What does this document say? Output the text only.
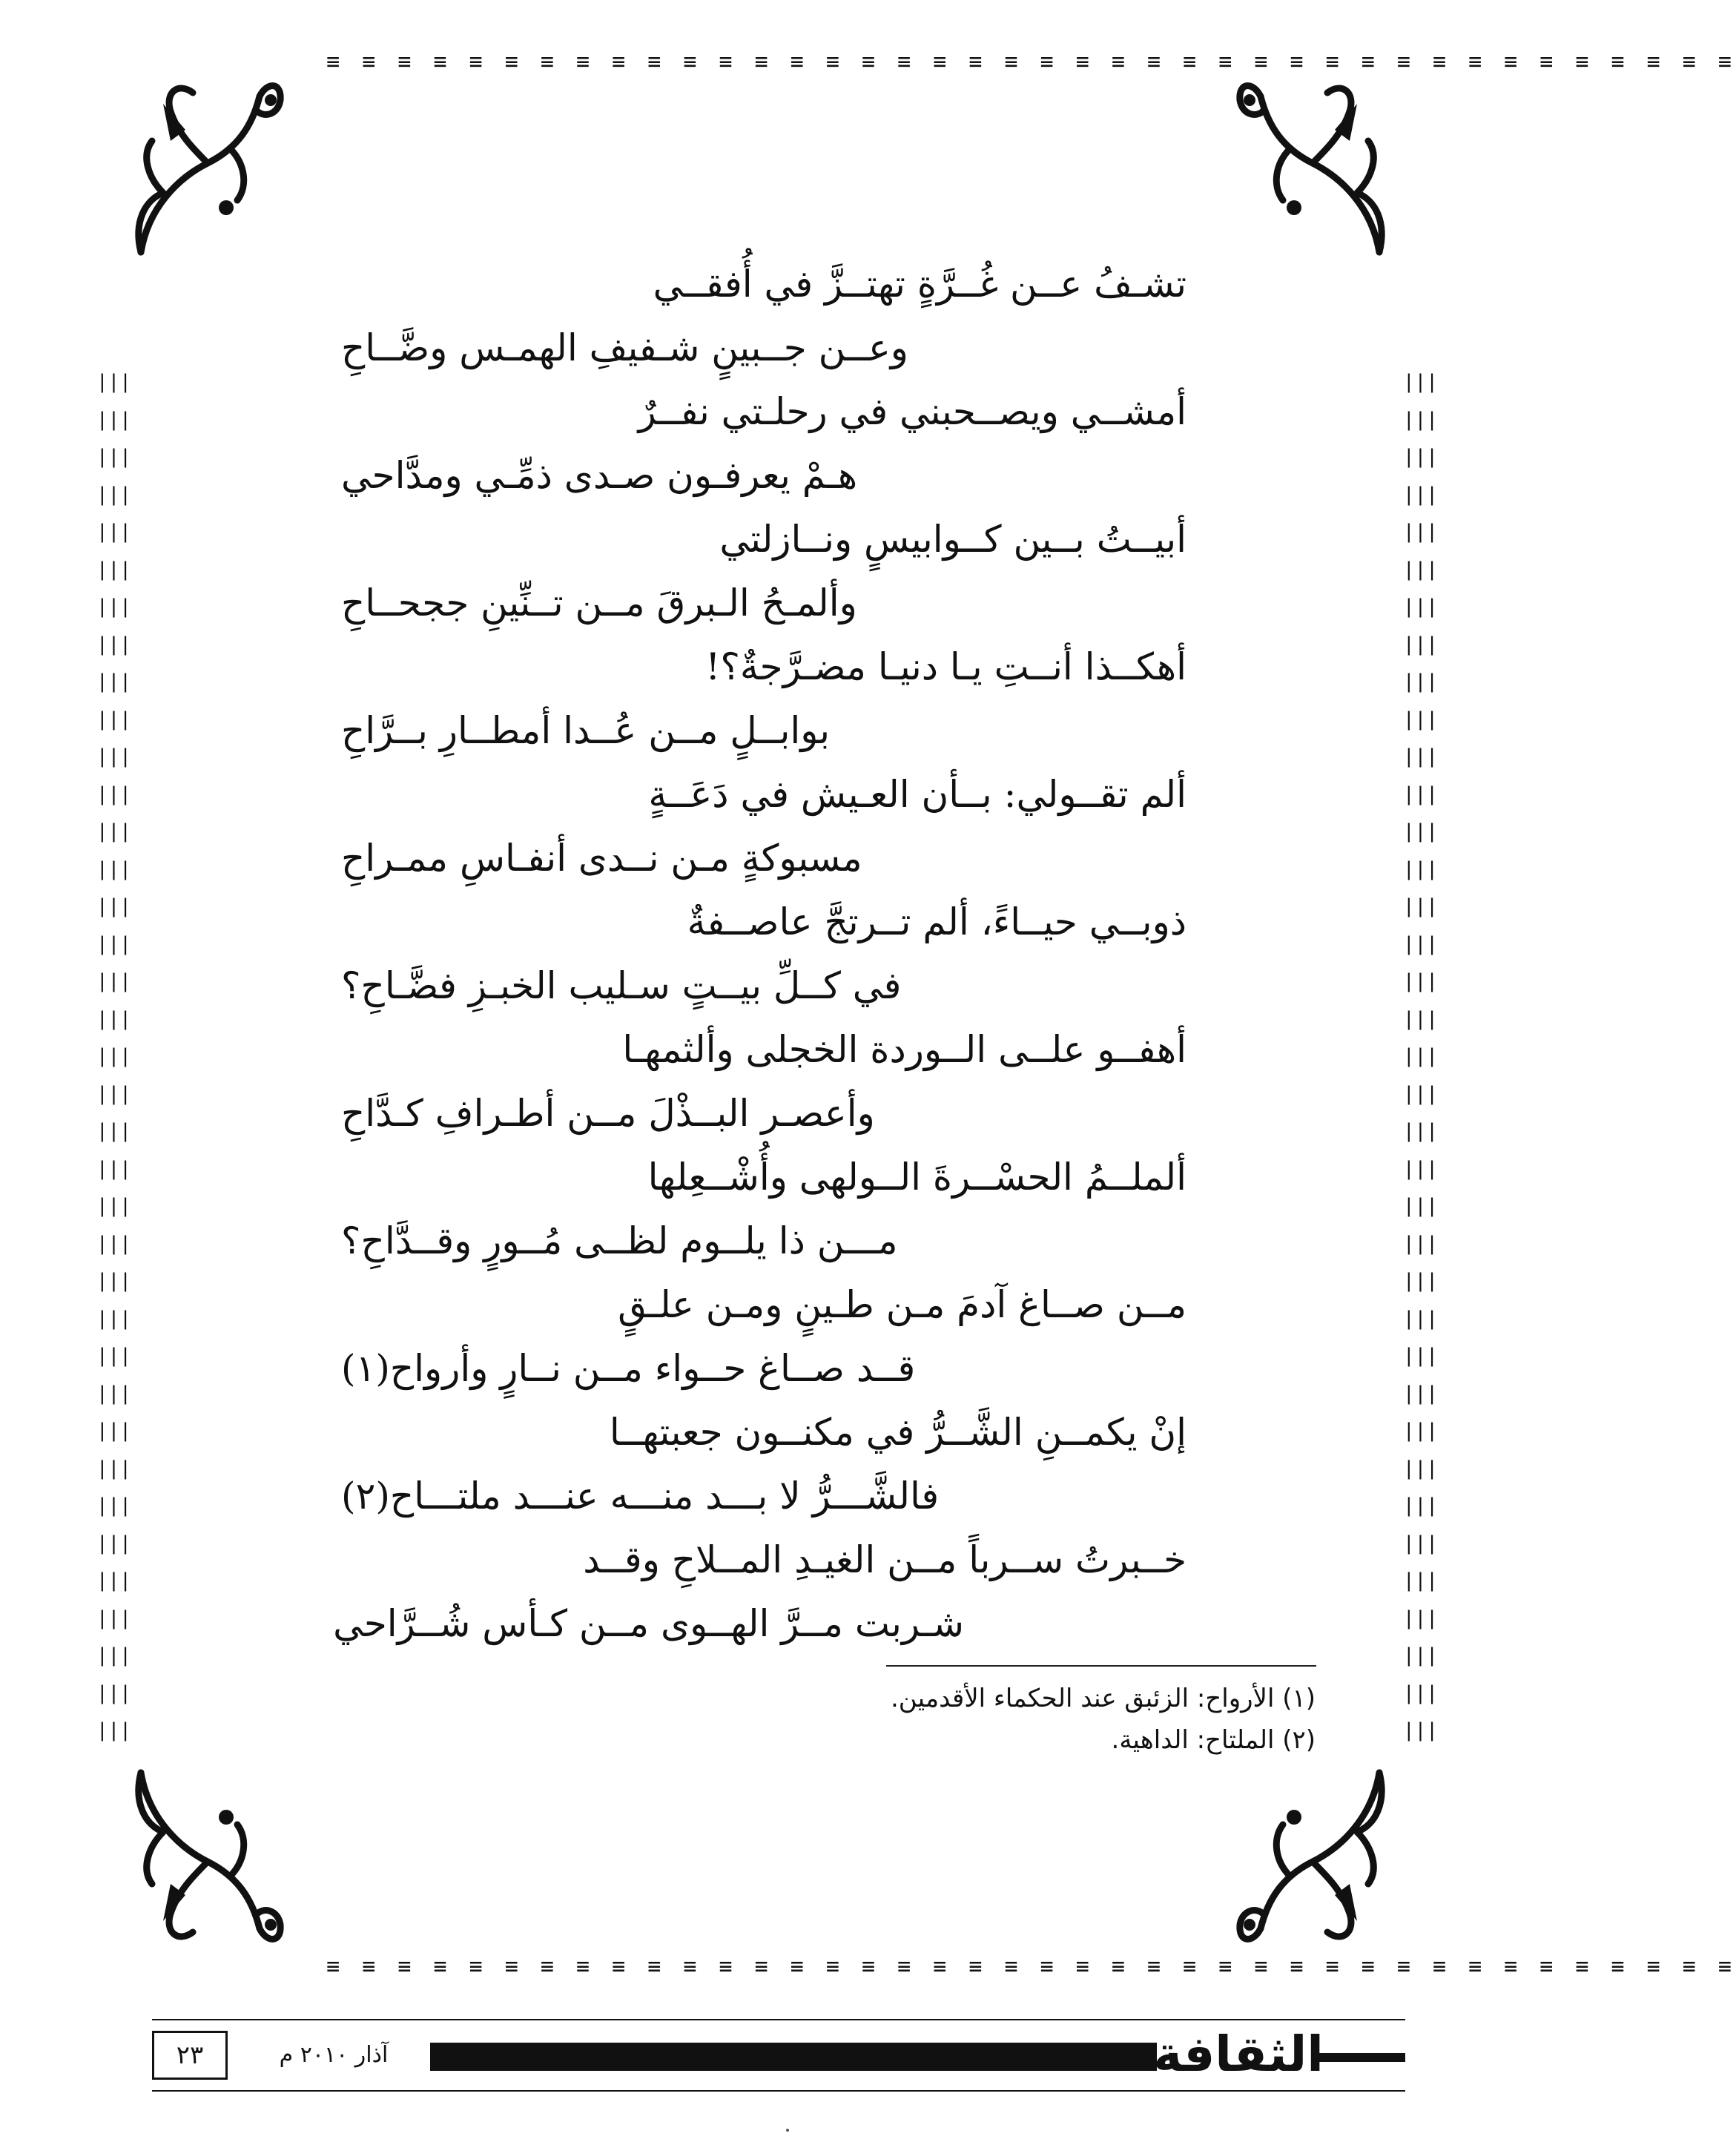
≡ ≡ ≡ ≡ ≡ ≡ ≡ ≡ ≡ ≡ ≡ ≡ ≡ ≡ ≡ ≡ ≡ ≡ ≡ ≡ ≡ ≡ ≡ ≡ ≡ ≡ ≡ ≡ ≡ ≡ ≡ ≡ ≡ ≡ ≡ ≡ ≡ ≡ ≡ ≡
≡ ≡ ≡ ≡ ≡ ≡ ≡ ≡ ≡ ≡ ≡ ≡ ≡ ≡ ≡ ≡ ≡ ≡ ≡ ≡ ≡ ≡ ≡ ≡ ≡ ≡ ≡ ≡ ≡ ≡ ≡ ≡ ≡ ≡ ≡ ≡ ≡ ≡ ≡ ≡
|||
|||
|||
|||
|||
|||
|||
|||
|||
|||
|||
|||
|||
|||
|||
|||
|||
|||
|||
|||
|||
|||
|||
|||
|||
|||
|||
|||
|||
|||
|||
|||
|||
|||
|||
|||
|||
|||
|||
|||
|||
|||
|||
|||
|||
|||
|||
|||
|||
|||
|||
|||
|||
|||
|||
|||
|||
|||
|||
|||
|||
|||
|||
|||
|||
|||
|||
|||
|||
|||
|||
|||
|||
|||
تشـفُ عــن غُــرَّةٍ تهتــزَّ في أُفقــي
وعــن جــبينٍ شـفيفِ الهمـس وضَّــاحِ
أمشــي ويصــحبني في رحلـتي نفــرٌ
هـمْ يعرفـون صـدى ذمِّـي ومدَّاحي
أبيــتُ بــين كــوابيسٍ ونــازلتي
وألمـحُ الـبرقَ مــن تــنِّينِ ججحــاحِ
أهكــذا أنــتِ يـا دنيـا مضـرَّجةٌ؟!
بوابــلٍ مــن عُــدا أمطــارِ بــرَّاحِ
ألم تقــولي: بــأن العـيش في دَعَــةٍ
مسبوكةٍ مـن نــدى أنفـاسِ ممـراحِ
ذوبــي حيــاءً، ألم تــرتجَّ عاصــفةٌ
في كــلِّ بيــتٍ سـليب الخبـزِ فضَّـاحِ؟
أهفــو علــى الــوردة الخجلى وألثمهـا
وأعصـر البــذْلَ مــن أطـرافِ كـدَّاحِ
ألملــمُ الحسْــرةَ الــولهى وأُشْــعِلها
مـــن ذا يلــوم لظــى مُــورٍ وقــدَّاحِ؟
مــن صــاغ آدمَ مـن طـينٍ ومـن علـقٍ
قــد صــاغ حــواء مــن نــارٍ وأرواح(١)
إنْ يكمــنِ الشَّــرُّ في مكنــون جعبتهــا
فالشَّـــرُّ لا بـــد منـــه عنـــد ملتـــاح(٢)
خــبرتُ ســرباً مــن الغيـدِ المــلاحِ وقــد
شـربت مــرَّ الهــوى مــن كـأس شُــرَّاحي
(١) الأرواح: الزئبق عند الحكماء الأقدمين.
(٢) الملتاح: الداهية.
الثقافة
آذار ٢٠١٠ م
٢٣
